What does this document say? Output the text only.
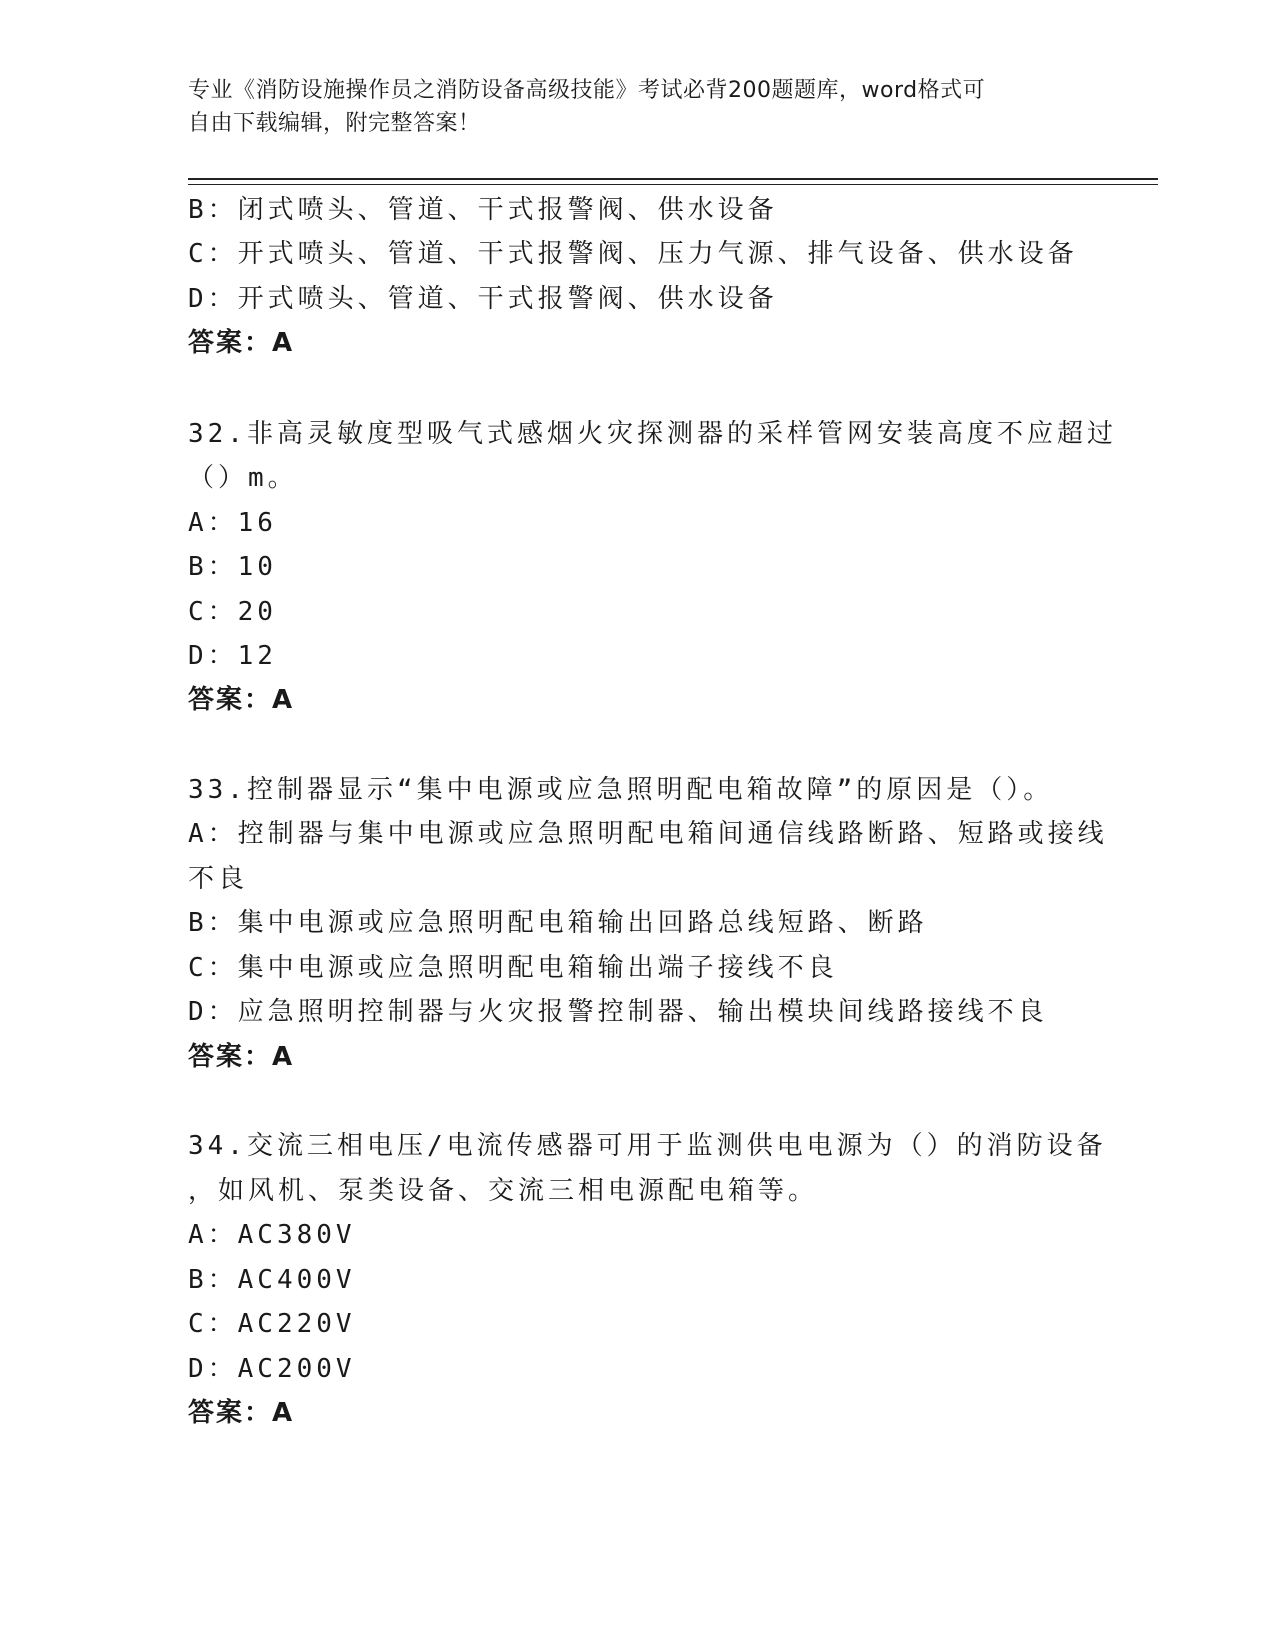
专业《消防设施操作员之消防设备高级技能》考试必背200题题库，word格式可
自由下载编辑，附完整答案！
B：闭式喷头、管道、干式报警阀、供水设备
C：开式喷头、管道、干式报警阀、压力气源、排气设备、供水设备
D：开式喷头、管道、干式报警阀、供水设备
答案：A
32.非高灵敏度型吸气式感烟火灾探测器的采样管网安装高度不应超过
（）m。
A：16
B：10
C：20
D：12
答案：A
33.控制器显示“集中电源或应急照明配电箱故障”的原因是（）。
A：控制器与集中电源或应急照明配电箱间通信线路断路、短路或接线
不良
B：集中电源或应急照明配电箱输出回路总线短路、断路
C：集中电源或应急照明配电箱输出端子接线不良
D：应急照明控制器与火灾报警控制器、输出模块间线路接线不良
答案：A
34.交流三相电压/电流传感器可用于监测供电电源为（）的消防设备
，如风机、泵类设备、交流三相电源配电箱等。
A：AC380V
B：AC400V
C：AC220V
D：AC200V
答案：A
